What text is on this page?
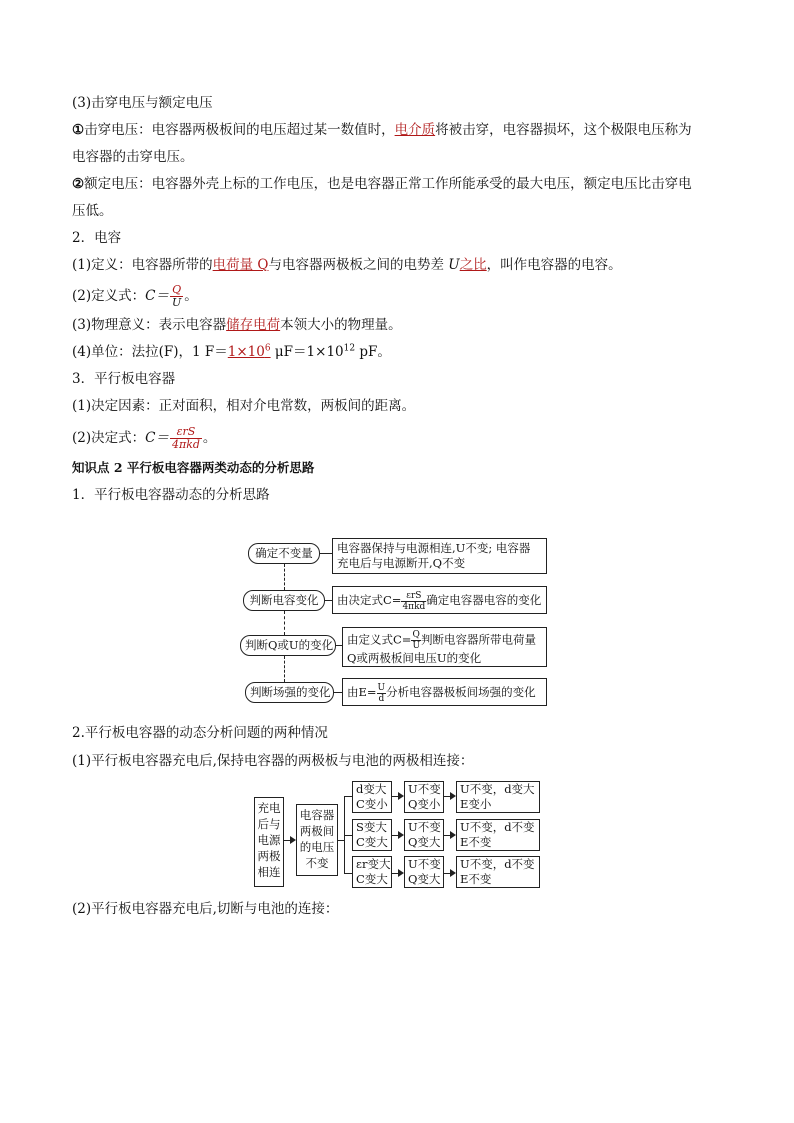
(3)击穿电压与额定电压

①击穿电压：电容器两极板间的电压超过某一数值时，电介质将被击穿，电容器损坏，这个极限电压称为

电容器的击穿电压。

②额定电压：电容器外壳上标的工作电压，也是电容器正常工作所能承受的最大电压，额定电压比击穿电

压低。

2．电容

(1)定义：电容器所带的电荷量 Q与电容器两极板之间的电势差 U之比，叫作电容器的电容。

(2)定义式：$C= \frac{Q}{U}$ 。

(3)物理意义：表示电容器储存电荷本领大小的物理量。

(4)单位：法拉(F)，1 $F=1\times 10^6$ $\mu F=1\times 10^{12}$ pF。

3．平行板电容器

(1)决定因素：正对面积，相对介电常数，两板间的距离。

(2)决定式：$C= \frac{\text{εrS}}{\text{4πkd}}$ 。

知识点 2 平行板电容器两类动态的分析思路

1．平行板电容器动态的分析思路

确定不变量	电容器保持与电源相连,U不变; 电容器
充电后与电源断开,Q不变
判断电容变化	由决定式$C= \frac{\text{εrS}}{\text{4πkd}}$ 确定电容器电容的变化
判断Q或U的变化 由定义式$C= \frac{Q}{U}$ 判断电容器所带电荷量
Q或两极板间电压U的变化
判断场强的变化	由$E= \frac{U}{d}$ 分析电容器极板间场强的变化

2.平行板电容器的动态分析问题的两种情况

(1)平行板电容器充电后,保持电容器的两极板与电池的两极相连接：

充电
后与
电源
两极
相连
电容器
两极间
的电压
不变
d变大
C变小
U不变
Q变小
U不变，d变大
E变小
S变大
C变大
U不变
Q变大
U不变，d不变
E不变
εr变大
C变大
U不变
Q变大
U不变，d不变
E不变

(2)平行板电容器充电后,切断与电池的连接：
